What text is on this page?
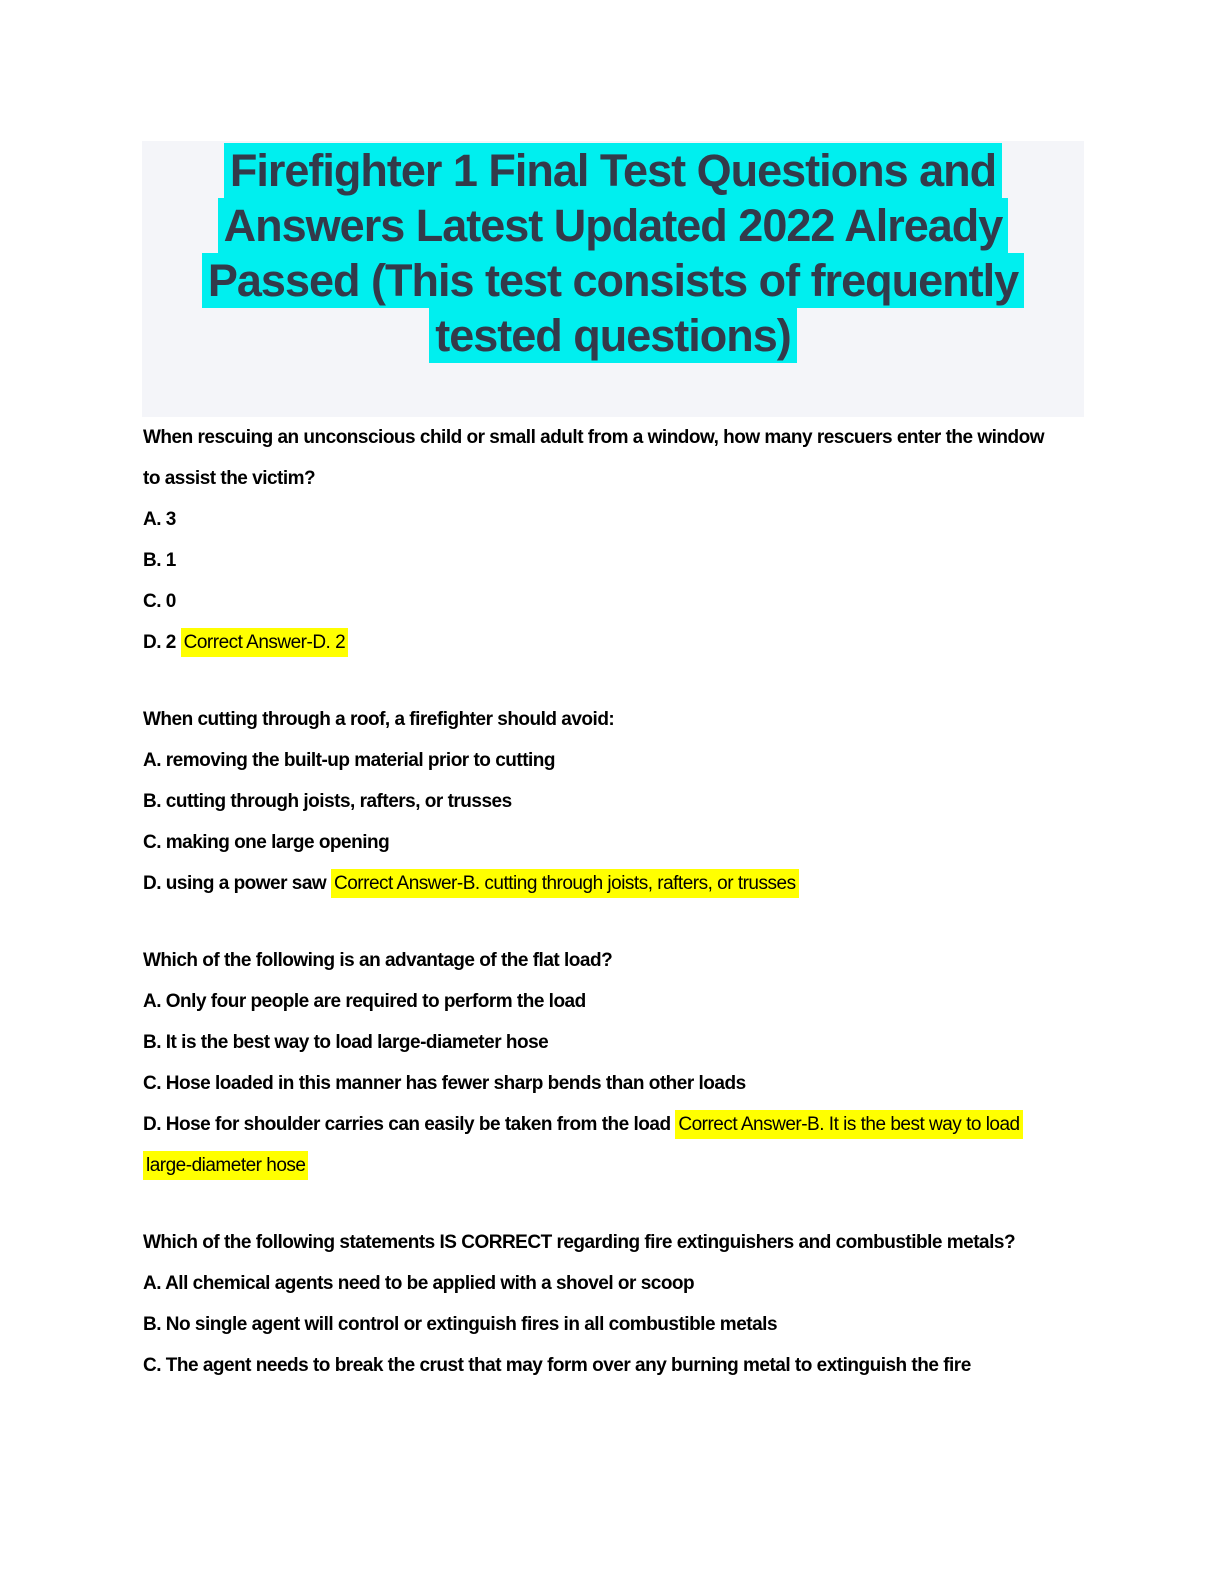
Firefighter 1 Final Test Questions and
Answers Latest Updated 2022 Already
Passed (This test consists of frequently
tested questions)
When rescuing an unconscious child or small adult from a window, how many rescuers enter the window
to assist the victim?
A. 3
B. 1
C. 0
D. 2 Correct Answer-D. 2
When cutting through a roof, a firefighter should avoid:
A. removing the built-up material prior to cutting
B. cutting through joists, rafters, or trusses
C. making one large opening
D. using a power saw Correct Answer-B. cutting through joists, rafters, or trusses
Which of the following is an advantage of the flat load?
A. Only four people are required to perform the load
B. It is the best way to load large-diameter hose
C. Hose loaded in this manner has fewer sharp bends than other loads
D. Hose for shoulder carries can easily be taken from the load Correct Answer-B. It is the best way to load
large-diameter hose
Which of the following statements IS CORRECT regarding fire extinguishers and combustible metals?
A. All chemical agents need to be applied with a shovel or scoop
B. No single agent will control or extinguish fires in all combustible metals
C. The agent needs to break the crust that may form over any burning metal to extinguish the fire
